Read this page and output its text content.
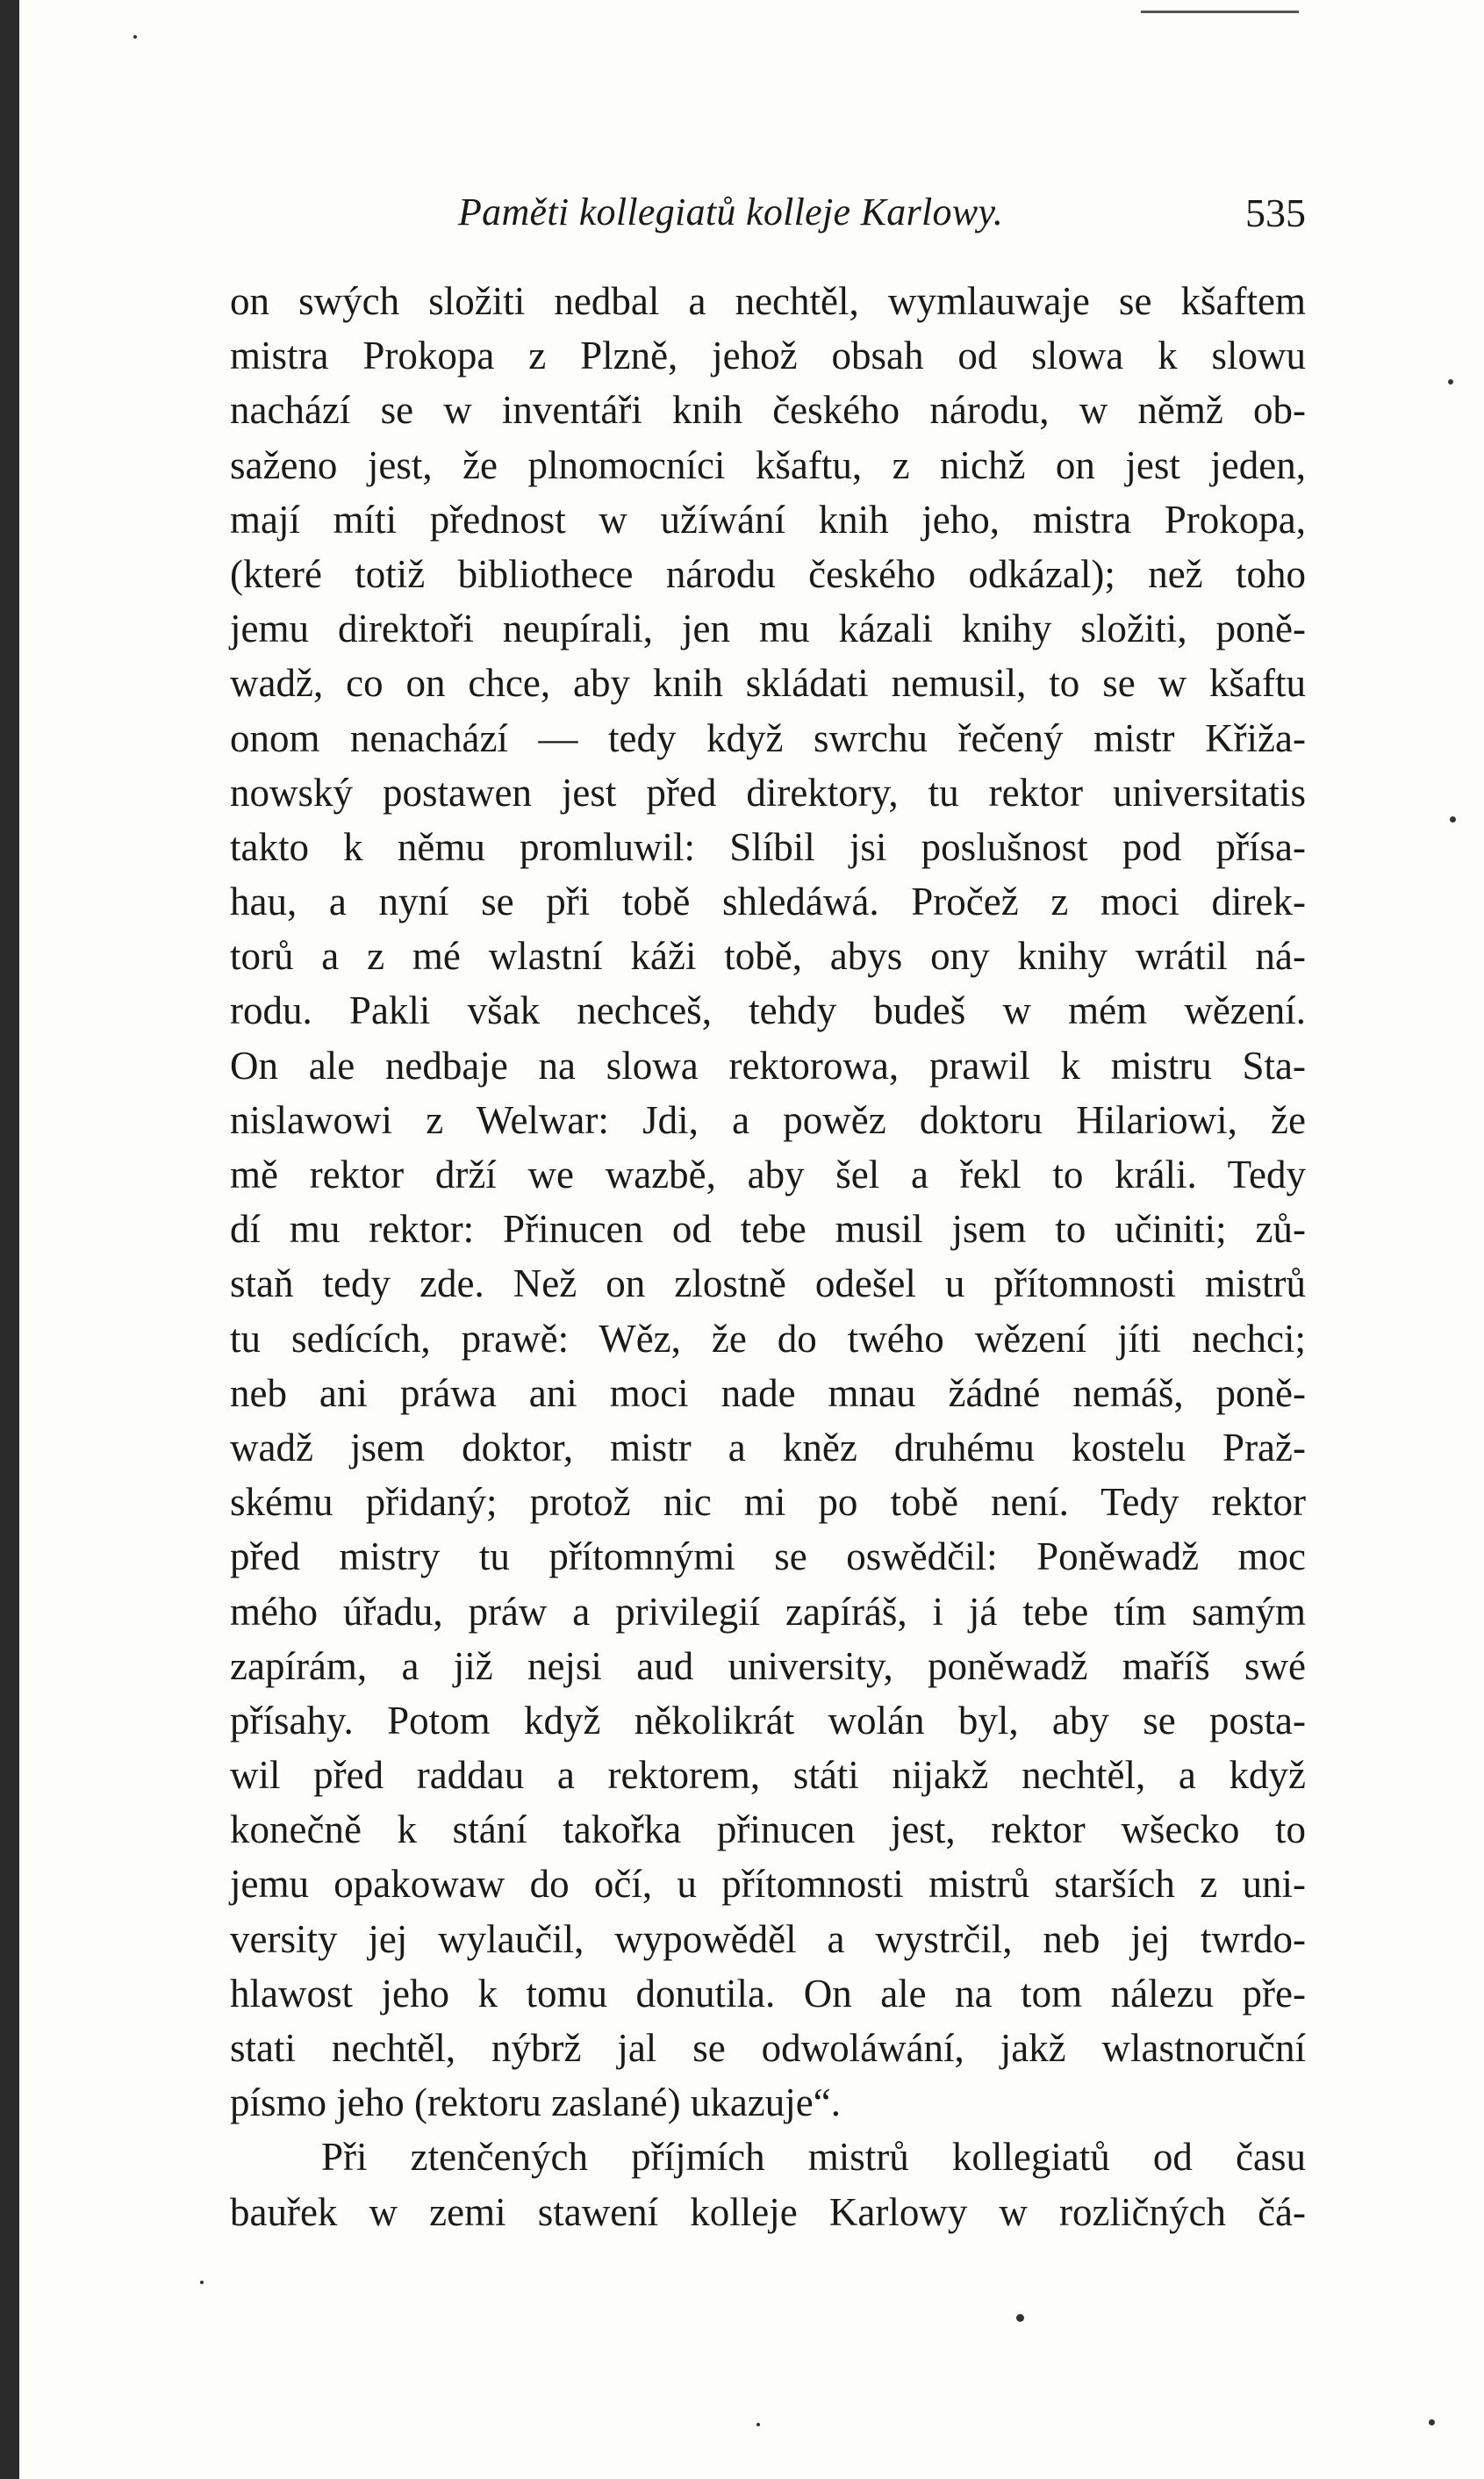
Paměti kollegiatů kolleje Karlowy.	535
on swých složiti nedbal a nechtěl, wymlauwaje se kšaftem
mistra Prokopa z Plzně, jehož obsah od slowa k slowu
nachází se w inventáři knih českého národu, w němž ob-
saženo jest, že plnomocníci kšaftu, z nichž on jest jeden,
mají míti přednost w užíwání knih jeho, mistra Prokopa,
(které totiž bibliothece národu českého odkázal); než toho
jemu direktoři neupírali, jen mu kázali knihy složiti, poně-
wadž, co on chce, aby knih skládati nemusil, to se w kšaftu
onom nenachází — tedy když swrchu řečený mistr Křiža-
nowský postawen jest před direktory, tu rektor universitatis
takto k němu promluwil: Slíbil jsi poslušnost pod přísa-
hau, a nyní se při tobě shledáwá. Pročež z moci direk-
torů a z mé wlastní káži tobě, abys ony knihy wrátil ná-
rodu. Pakli však nechceš, tehdy budeš w mém wězení.
On ale nedbaje na slowa rektorowa, prawil k mistru Sta-
nislawowi z Welwar: Jdi, a powěz doktoru Hilariowi, že
mě rektor drží we wazbě, aby šel a řekl to králi. Tedy
dí mu rektor: Přinucen od tebe musil jsem to učiniti; zů-
staň tedy zde. Než on zlostně odešel u přítomnosti mistrů
tu sedících, prawě: Wěz, že do twého wězení jíti nechci;
neb ani práwa ani moci nade mnau žádné nemáš, poně-
wadž jsem doktor, mistr a kněz druhému kostelu Praž-
skému přidaný; protož nic mi po tobě není. Tedy rektor
před mistry tu přítomnými se oswědčil: Poněwadž moc
mého úřadu, práw a privilegií zapíráš, i já tebe tím samým
zapírám, a již nejsi aud university, poněwadž maříš swé
přísahy. Potom když několikrát wolán byl, aby se posta-
wil před raddau a rektorem, státi nijakž nechtěl, a když
konečně k stání takořka přinucen jest, rektor wšecko to
jemu opakowaw do očí, u přítomnosti mistrů starších z uni-
versity jej wylaučil, wypowěděl a wystrčil, neb jej twrdo-
hlawost jeho k tomu donutila. On ale na tom nálezu pře-
stati nechtěl, nýbrž jal se odwoláwání, jakž wlastnoruční
písmo jeho (rektoru zaslané) ukazuje“.
Při ztenčených příjmích mistrů kollegiatů od času
bauřek w zemi stawení kolleje Karlowy w rozličných čá-
